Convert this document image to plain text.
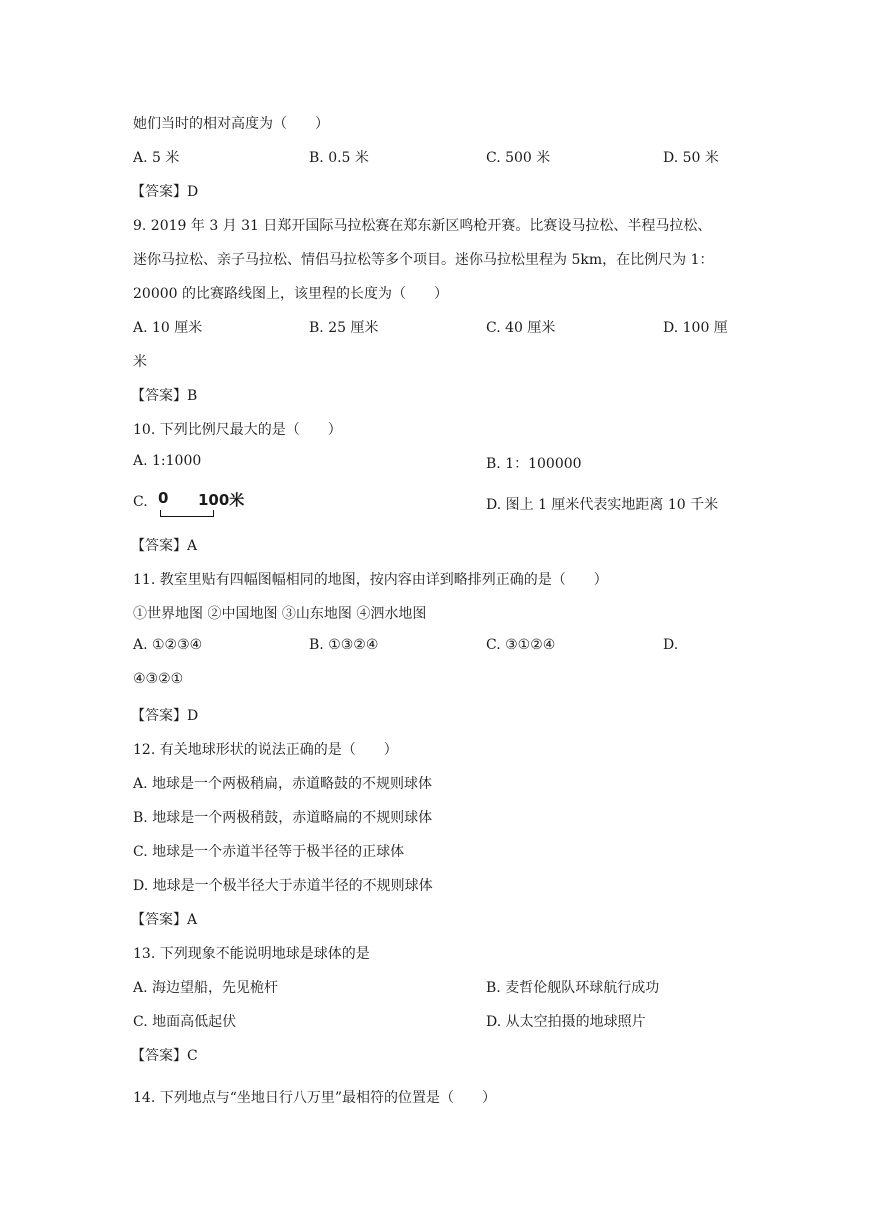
她们当时的相对高度为（　　）
A. 5 米	B. 0.5 米	C. 500 米	D. 50 米
【答案】D
9. 2019 年 3 月 31 日郑开国际马拉松赛在郑东新区鸣枪开赛。比赛设马拉松、半程马拉松、
迷你马拉松、亲子马拉松、情侣马拉松等多个项目。迷你马拉松里程为 5km，在比例尺为 1：
20000 的比赛路线图上，该里程的长度为（　　）
A. 10 厘米	B. 25 厘米	C. 40 厘米	D. 100 厘
米
【答案】B
10. 下列比例尺最大的是（　　）
A. 1:1000	B. 1：100000
C. 0 100米	D. 图上 1 厘米代表实地距离 10 千米
【答案】A
11. 教室里贴有四幅图幅相同的地图，按内容由详到略排列正确的是（　　）
①世界地图 ②中国地图 ③山东地图 ④泗水地图
A. ①②③④	B. ①③②④	C. ③①②④	D.
④③②①
【答案】D
12. 有关地球形状的说法正确的是（　　）
A. 地球是一个两极稍扁，赤道略鼓的不规则球体
B. 地球是一个两极稍鼓，赤道略扁的不规则球体
C. 地球是一个赤道半径等于极半径的正球体
D. 地球是一个极半径大于赤道半径的不规则球体
【答案】A
13. 下列现象不能说明地球是球体的是
A. 海边望船，先见桅杆	B. 麦哲伦舰队环球航行成功
C. 地面高低起伏	D. 从太空拍摄的地球照片
【答案】C
14. 下列地点与“坐地日行八万里”最相符的位置是（　　）
